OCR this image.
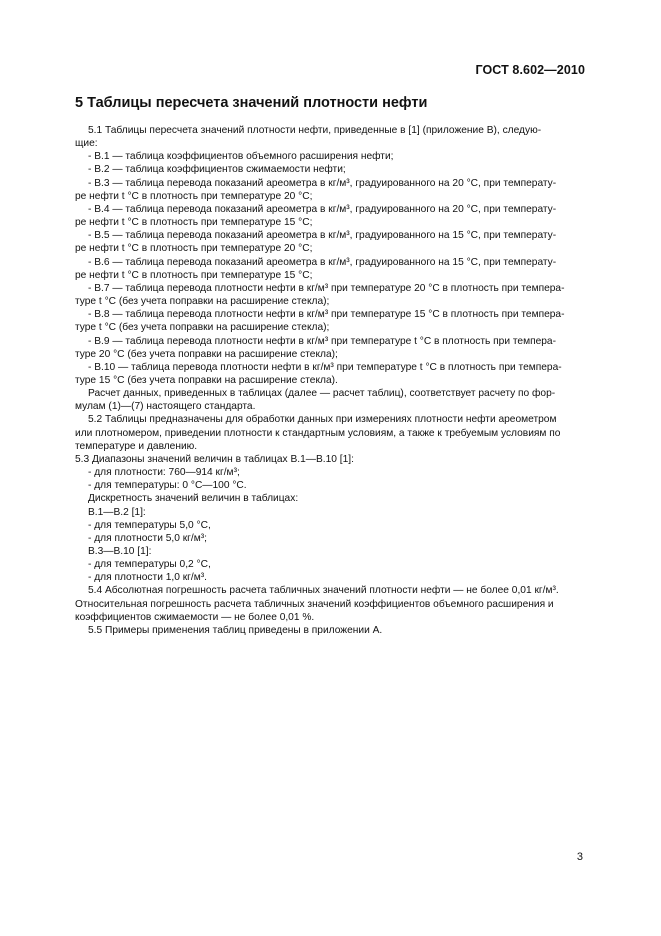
ГОСТ 8.602—2010
5 Таблицы пересчета значений плотности нефти

5.1 Таблицы пересчета значений плотности нефти, приведенные в [1] (приложение В), следую-

щие:

- В.1 — таблица коэффициентов объемного расширения нефти;

- В.2 — таблица коэффициентов сжимаемости нефти;

- В.3 — таблица перевода показаний ареометра в кг/м³, градуированного на 20 °С, при температу-

ре нефти t °С в плотность при температуре 20 °С;

- В.4 — таблица перевода показаний ареометра в кг/м³, градуированного на 20 °С, при температу-

ре нефти t °С в плотность при температуре 15 °С;

- В.5 — таблица перевода показаний ареометра в кг/м³, градуированного на 15 °С, при температу-

ре нефти t °С в плотность при температуре 20 °С;

- В.6 — таблица перевода показаний ареометра в кг/м³, градуированного на 15 °С, при температу-

ре нефти t °С в плотность при температуре 15 °С;

- В.7 — таблица перевода плотности нефти в кг/м³ при температуре 20 °С в плотность при темпера-

туре t °С (без учета поправки на расширение стекла);

- В.8 — таблица перевода плотности нефти в кг/м³ при температуре 15 °С в плотность при темпера-

туре t °С (без учета поправки на расширение стекла);

- В.9 — таблица перевода плотности нефти в кг/м³ при температуре t °С в плотность при темпера-

туре 20 °С (без учета поправки на расширение стекла);

- В.10 — таблица перевода плотности нефти в кг/м³ при температуре t °С в плотность при темпера-

туре 15 °С (без учета поправки на расширение стекла).

Расчет данных, приведенных в таблицах (далее — расчет таблиц), соответствует расчету по фор-

мулам (1)—(7) настоящего стандарта.

5.2 Таблицы предназначены для обработки данных при измерениях плотности нефти ареометром

или плотномером, приведении плотности к стандартным условиям, а также к требуемым условиям по

температуре и давлению.

5.3 Диапазоны значений величин в таблицах В.1—В.10 [1]:

- для плотности: 760—914 кг/м³;

- для температуры: 0 °С—100 °С.

Дискретность значений величин в таблицах:

В.1—В.2 [1]:

- для температуры 5,0 °С,

- для плотности 5,0 кг/м³;

В.3—В.10 [1]:

- для температуры 0,2 °С,

- для плотности 1,0 кг/м³.

5.4 Абсолютная погрешность расчета табличных значений плотности нефти — не более 0,01 кг/м³.

Относительная погрешность расчета табличных значений коэффициентов объемного расширения и

коэффициентов сжимаемости — не более 0,01 %.

5.5 Примеры применения таблиц приведены в приложении А.

3
